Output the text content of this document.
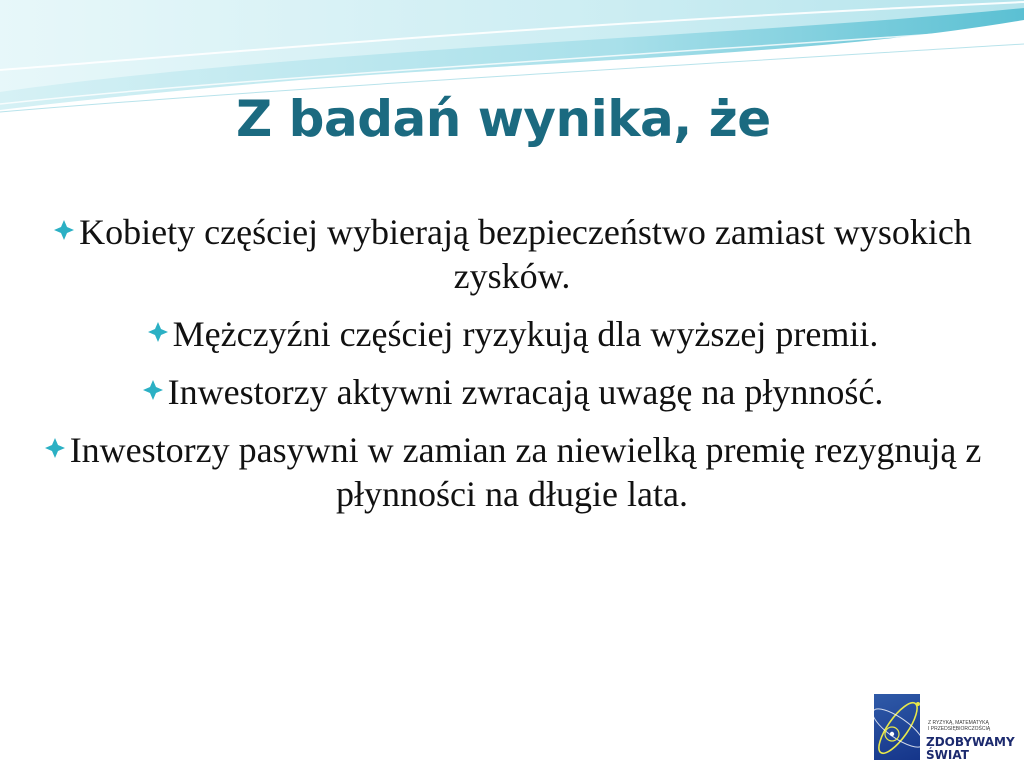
Z badań wynika, że
Kobiety częściej wybierają bezpieczeństwo zamiast wysokich zysków.
Mężczyźni częściej ryzykują dla wyższej premii.
Inwestorzy aktywni zwracają uwagę na płynność.
Inwestorzy pasywni w zamian za niewielką premię rezygnują z płynności na długie lata.
Z RYZYKĄ, MATEMATYKĄ
I PRZEDSIĘBIORCZOŚCIĄ
ZDOBYWAMY
ŚWIAT
